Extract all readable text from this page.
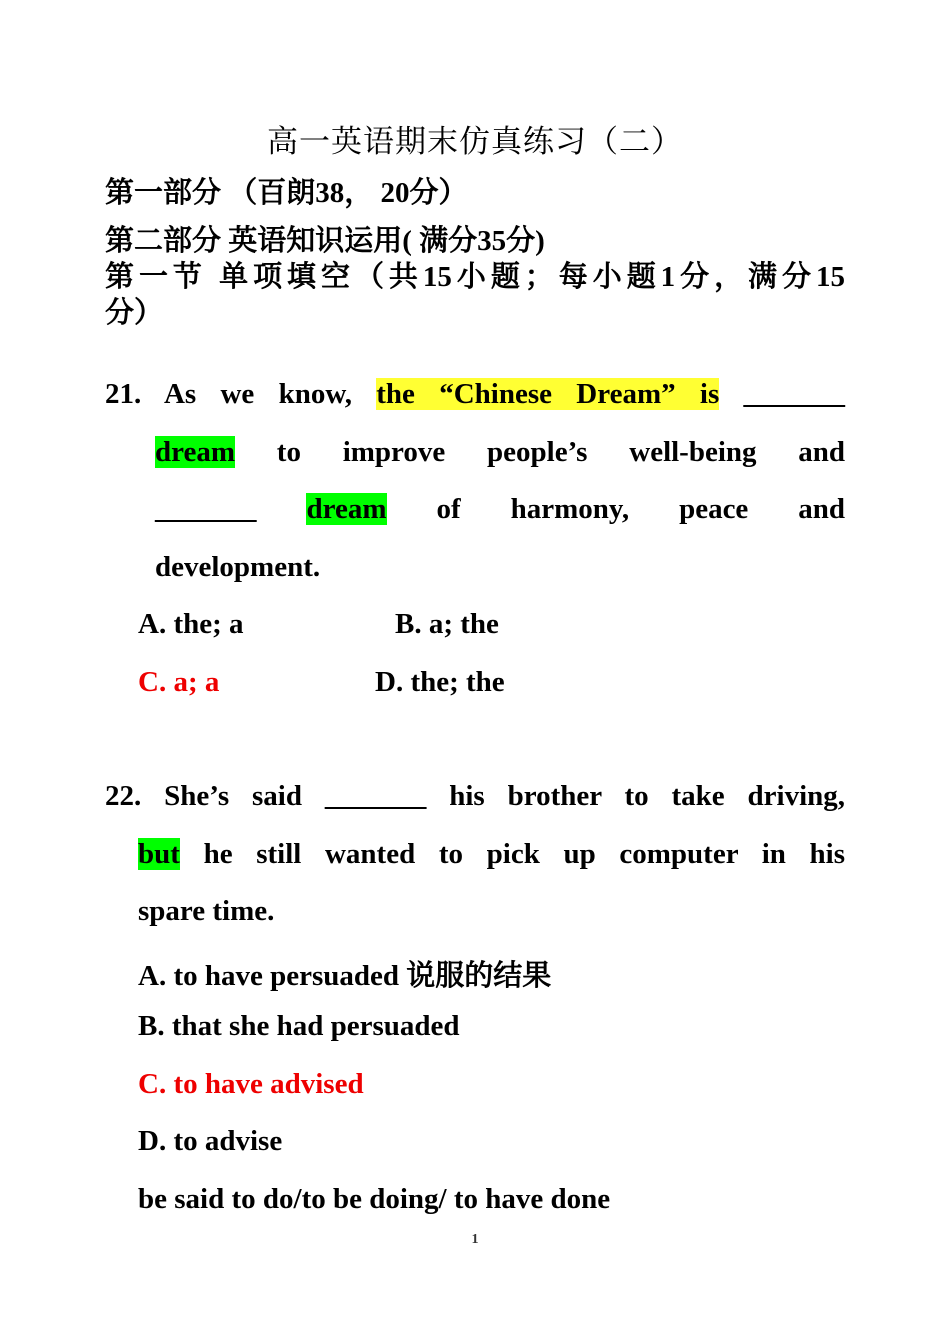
高一英语期末仿真练习（二）
第一部分 （百朗38， 20分）
第二部分 英语知识运用( 满分35分)
第一节 单项填空（共15小题；每小题1分，满分15
分）
21. As we know, the “Chinese Dream” is _______
dream to improve people’s well-being and
_______ dream of harmony, peace and
development.
A. the; a	B. a; the
C. a; a	D. the; the
22. She’s said _______ his brother to take driving,
but he still wanted to pick up computer in his
spare time.
A. to have persuaded 说服的结果
B. that she had persuaded
C. to have advised
D. to advise
be said to do/to be doing/ to have done
1
